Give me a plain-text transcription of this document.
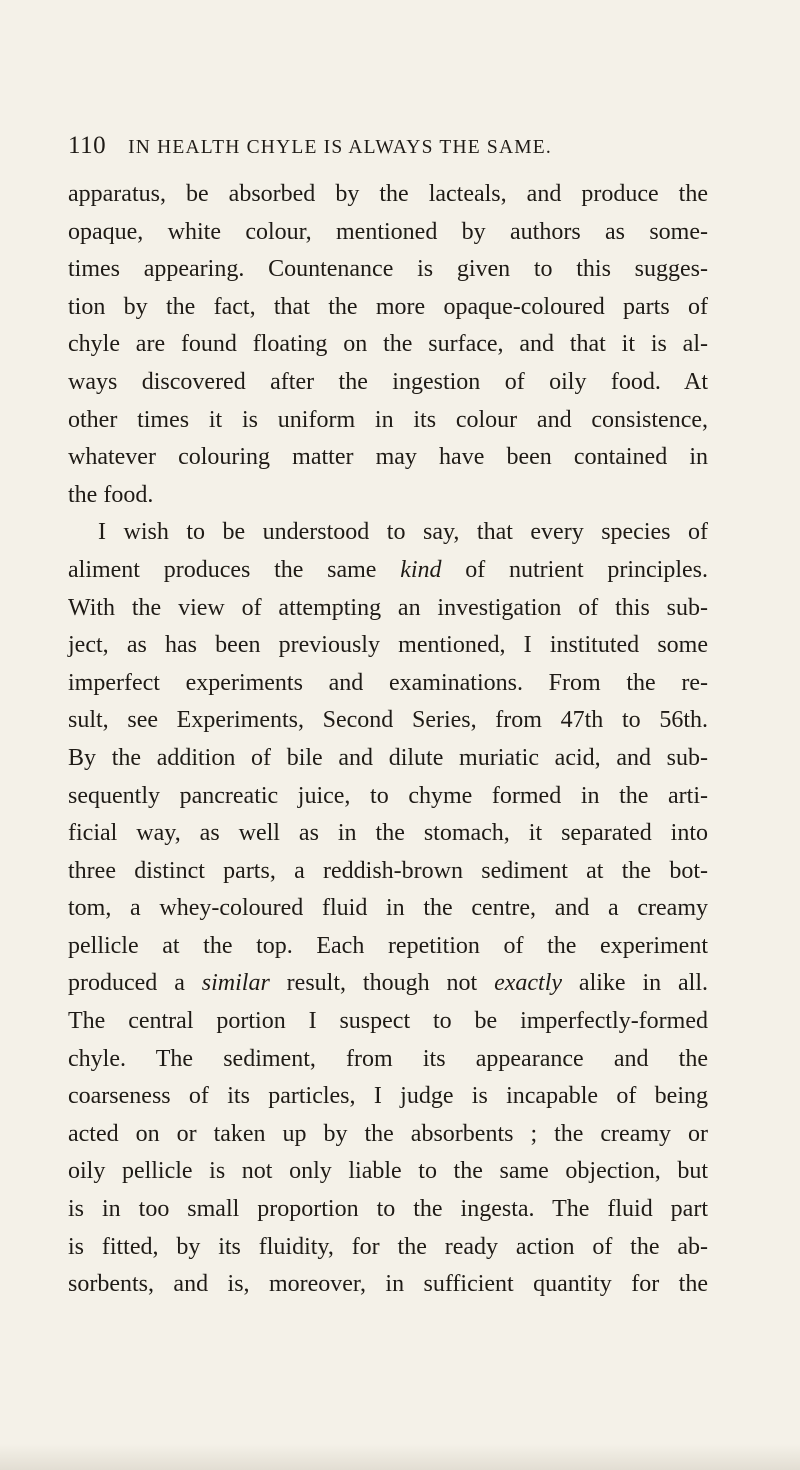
110 IN HEALTH CHYLE IS ALWAYS THE SAME.
apparatus, be absorbed by the lacteals, and produce the
opaque, white colour, mentioned by authors as some-
times appearing. Countenance is given to this sugges-
tion by the fact, that the more opaque-coloured parts of
chyle are found floating on the surface, and that it is al-
ways discovered after the ingestion of oily food. At
other times it is uniform in its colour and consistence,
whatever colouring matter may have been contained in
the food.
I wish to be understood to say, that every species of
aliment produces the same kind of nutrient principles.
With the view of attempting an investigation of this sub-
ject, as has been previously mentioned, I instituted some
imperfect experiments and examinations. From the re-
sult, see Experiments, Second Series, from 47th to 56th.
By the addition of bile and dilute muriatic acid, and sub-
sequently pancreatic juice, to chyme formed in the arti-
ficial way, as well as in the stomach, it separated into
three distinct parts, a reddish-brown sediment at the bot-
tom, a whey-coloured fluid in the centre, and a creamy
pellicle at the top. Each repetition of the experiment
produced a similar result, though not exactly alike in all.
The central portion I suspect to be imperfectly-formed
chyle. The sediment, from its appearance and the
coarseness of its particles, I judge is incapable of being
acted on or taken up by the absorbents ; the creamy or
oily pellicle is not only liable to the same objection, but
is in too small proportion to the ingesta. The fluid part
is fitted, by its fluidity, for the ready action of the ab-
sorbents, and is, moreover, in sufficient quantity for the
